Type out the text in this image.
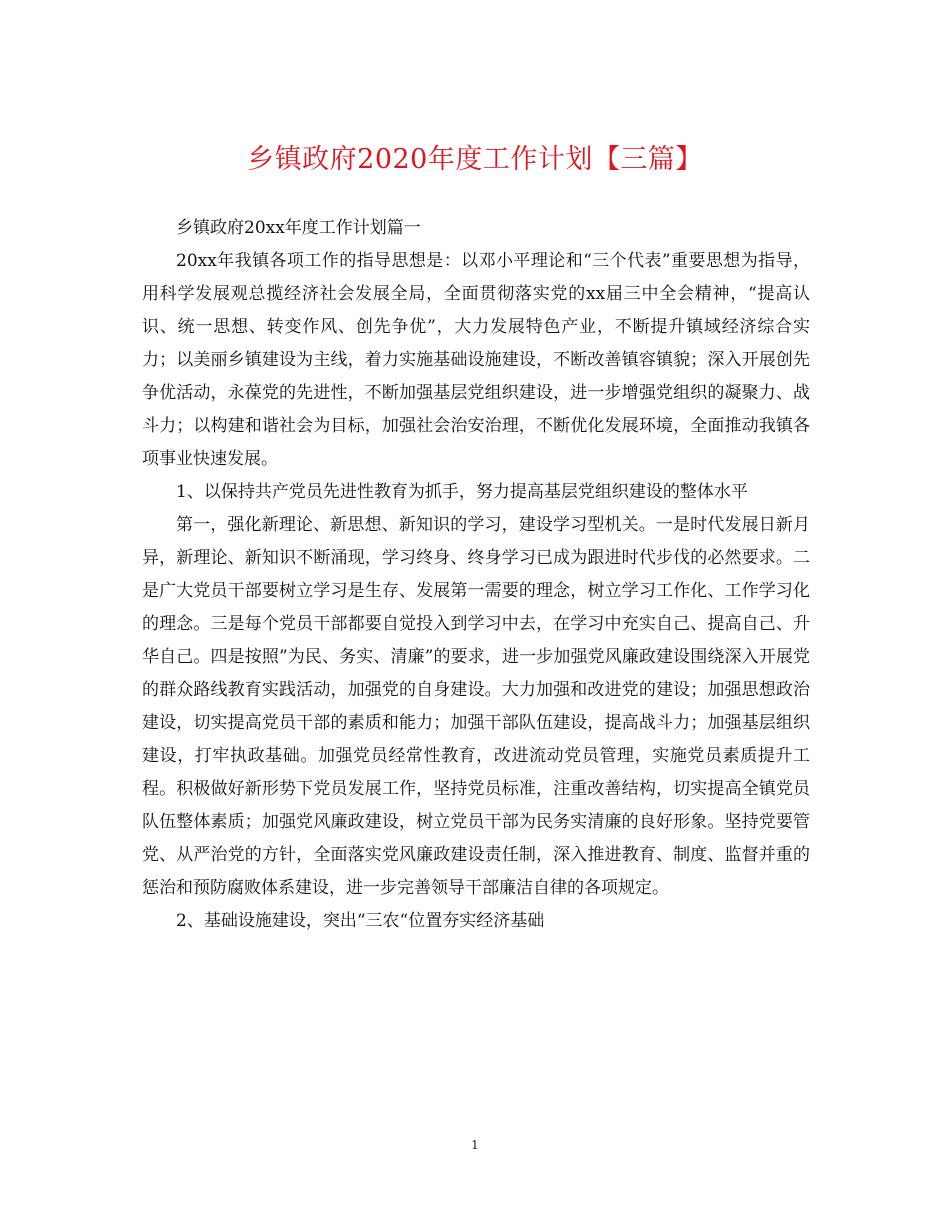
乡镇政府2020年度工作计划【三篇】

乡镇政府20xx年度工作计划篇一

20xx年我镇各项工作的指导思想是：以邓小平理论和“三个代表”重要思想为指导，用科学发展观总揽经济社会发展全局，全面贯彻落实党的xx届三中全会精神，“提高认识、统一思想、转变作风、创先争优”，大力发展特色产业，不断提升镇域经济综合实力；以美丽乡镇建设为主线，着力实施基础设施建设，不断改善镇容镇貌；深入开展创先争优活动，永葆党的先进性，不断加强基层党组织建设，进一步增强党组织的凝聚力、战斗力；以构建和谐社会为目标，加强社会治安治理，不断优化发展环境，全面推动我镇各项事业快速发展。

1、以保持共产党员先进性教育为抓手，努力提高基层党组织建设的整体水平

第一，强化新理论、新思想、新知识的学习，建设学习型机关。一是时代发展日新月异，新理论、新知识不断涌现，学习终身、终身学习已成为跟进时代步伐的必然要求。二是广大党员干部要树立学习是生存、发展第一需要的理念，树立学习工作化、工作学习化的理念。三是每个党员干部都要自觉投入到学习中去，在学习中充实自己、提高自己、升华自己。四是按照”为民、务实、清廉”的要求，进一步加强党风廉政建设围绕深入开展党的群众路线教育实践活动，加强党的自身建设。大力加强和改进党的建设；加强思想政治建设，切实提高党员干部的素质和能力；加强干部队伍建设，提高战斗力；加强基层组织建设，打牢执政基础。加强党员经常性教育，改进流动党员管理，实施党员素质提升工程。积极做好新形势下党员发展工作，坚持党员标准，注重改善结构，切实提高全镇党员队伍整体素质；加强党风廉政建设，树立党员干部为民务实清廉的良好形象。坚持党要管党、从严治党的方针，全面落实党风廉政建设责任制，深入推进教育、制度、监督并重的惩治和预防腐败体系建设，进一步完善领导干部廉洁自律的各项规定。

2、基础设施建设，突出“三农“位置夯实经济基础

1
